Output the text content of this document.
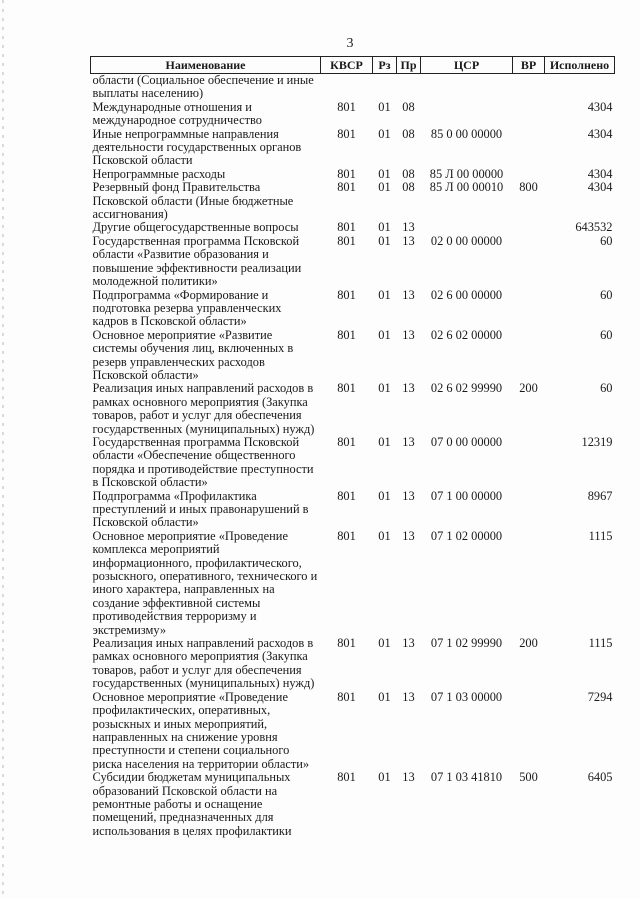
3
Наименование	КВСР	Рз	Пр	ЦСР	ВР	Исполнено
области (Социальное обеспечение и иные выплаты населению)						
Международные отношения и международное сотрудничество	801	01	08			4304
Иные непрограммные направления деятельности государственных органов Псковской области	801	01	08	85 0 00 00000		4304
Непрограммные расходы	801	01	08	85 Л 00 00000		4304
Резервный фонд Правительства Псковской области (Иные бюджетные ассигнования)	801	01	08	85 Л 00 00010	800	4304
Другие общегосударственные вопросы	801	01	13			643532
Государственная программа Псковской области «Развитие образования и повышение эффективности реализации молодежной политики»	801	01	13	02 0 00 00000		60
Подпрограмма «Формирование и подготовка резерва управленческих кадров в Псковской области»	801	01	13	02 6 00 00000		60
Основное мероприятие «Развитие системы обучения лиц, включенных в резерв управленческих расходов Псковской области»	801	01	13	02 6 02 00000		60
Реализация иных направлений расходов в рамках основного мероприятия (Закупка товаров, работ и услуг для обеспечения государственных (муниципальных) нужд)	801	01	13	02 6 02 99990	200	60
Государственная программа Псковской области «Обеспечение общественного порядка и противодействие преступности в Псковской области»	801	01	13	07 0 00 00000		12319
Подпрограмма «Профилактика преступлений и иных правонарушений в Псковской области»	801	01	13	07 1 00 00000		8967
Основное мероприятие «Проведение комплекса мероприятий информационного, профилактического, розыскного, оперативного, технического и иного характера, направленных на создание эффективной системы противодействия терроризму и экстремизму»	801	01	13	07 1 02 00000		1115
Реализация иных направлений расходов в рамках основного мероприятия (Закупка товаров, работ и услуг для обеспечения государственных (муниципальных) нужд)	801	01	13	07 1 02 99990	200	1115
Основное мероприятие «Проведение профилактических, оперативных, розыскных и иных мероприятий, направленных на снижение уровня преступности и степени социального риска населения на территории области»	801	01	13	07 1 03 00000		7294
Субсидии бюджетам муниципальных образований Псковской области на ремонтные работы и оснащение помещений, предназначенных для использования в целях профилактики	801	01	13	07 1 03 41810	500	6405
